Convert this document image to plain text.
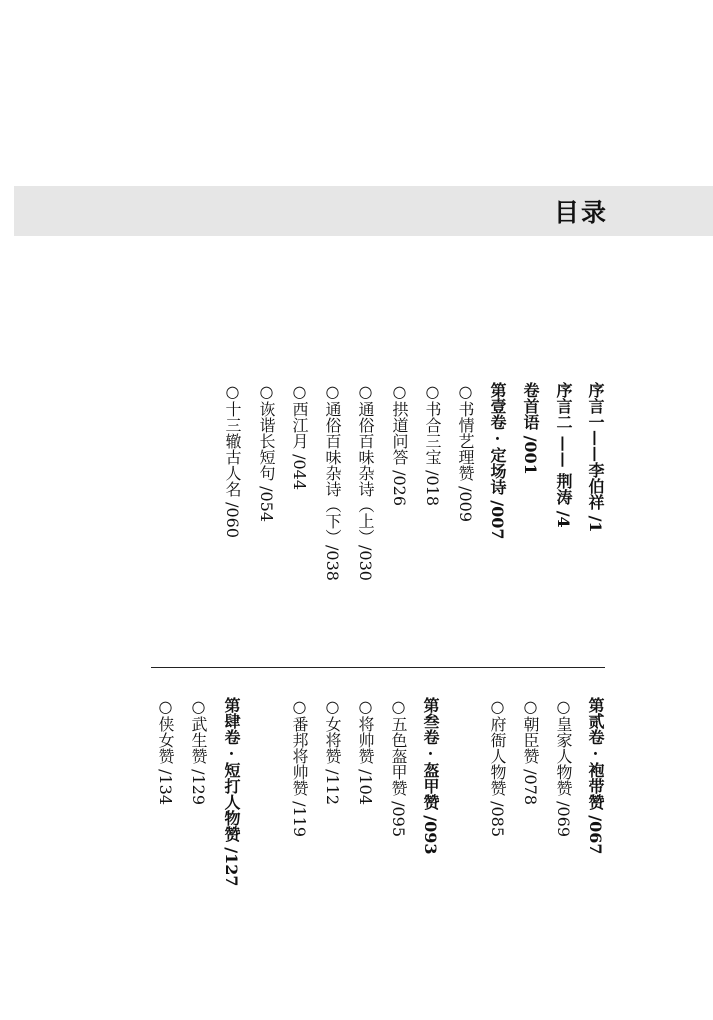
目录
序言一——李伯祥 /1
序言二 —— 荆涛 /4
卷首语 /001
第壹卷 · 定场诗 /007
○书情艺理赞 /009
○书合三宝 /018
○拱道问答 /026
○通俗百味杂诗（上）/030
○通俗百味杂诗（下）/038
○西江月 /044
○诙谐长短句 /054
○十三辙古人名 /060
第贰卷 · 袍带赞 /067
○皇家人物赞 /069
○朝臣赞 /078
○府衙人物赞 /085
第叁卷 · 盔甲赞 /093
○五色盔甲赞 /095
○将帅赞 /104
○女将赞 /112
○番邦将帅赞 /119
第肆卷 · 短打人物赞 /127
○武生赞 /129
○侠女赞 /134
